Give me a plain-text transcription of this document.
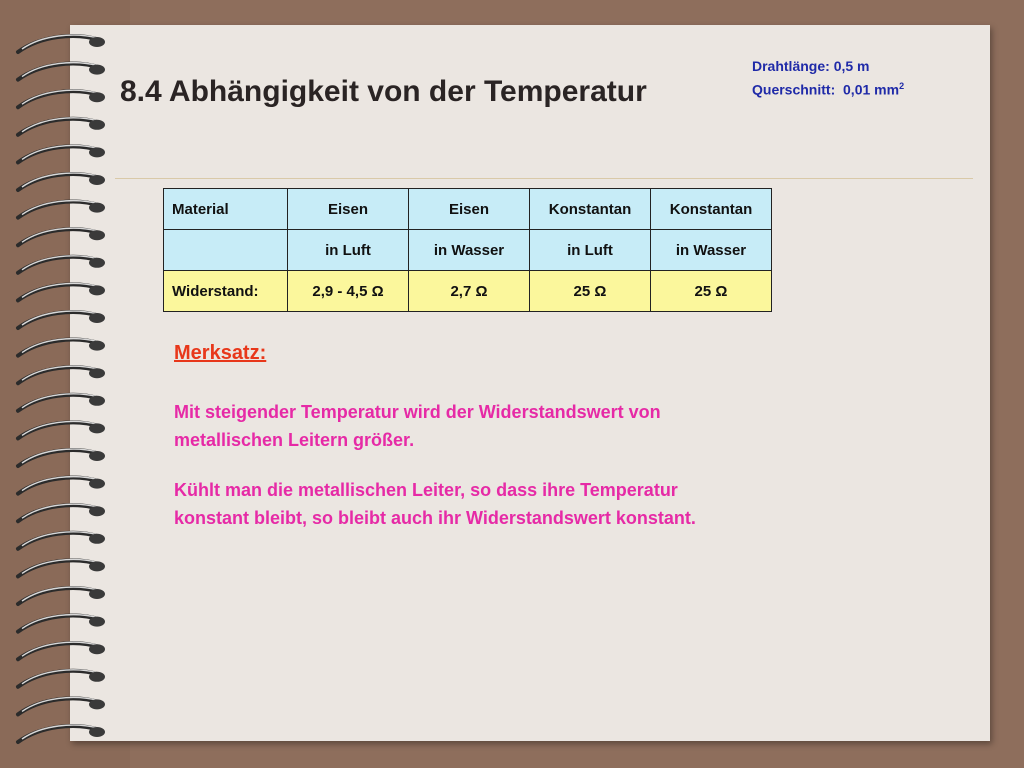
8.4 Abhängigkeit von der Temperatur
Drahtlänge: 0,5 m
Querschnitt: 0,01 $mm^2$
Material	Eisen	Eisen	Konstantan	Konstantan
	in Luft	in Wasser	in Luft	in Wasser
Widerstand:	2,9 - 4,5 Ω	2,7 Ω	25 Ω	25 Ω

Merksatz:

Mit steigender Temperatur wird der Widerstandswert von
metallischen Leitern größer.

Kühlt man die metallischen Leiter, so dass ihre Temperatur
konstant bleibt, so bleibt auch ihr Widerstandswert konstant.
